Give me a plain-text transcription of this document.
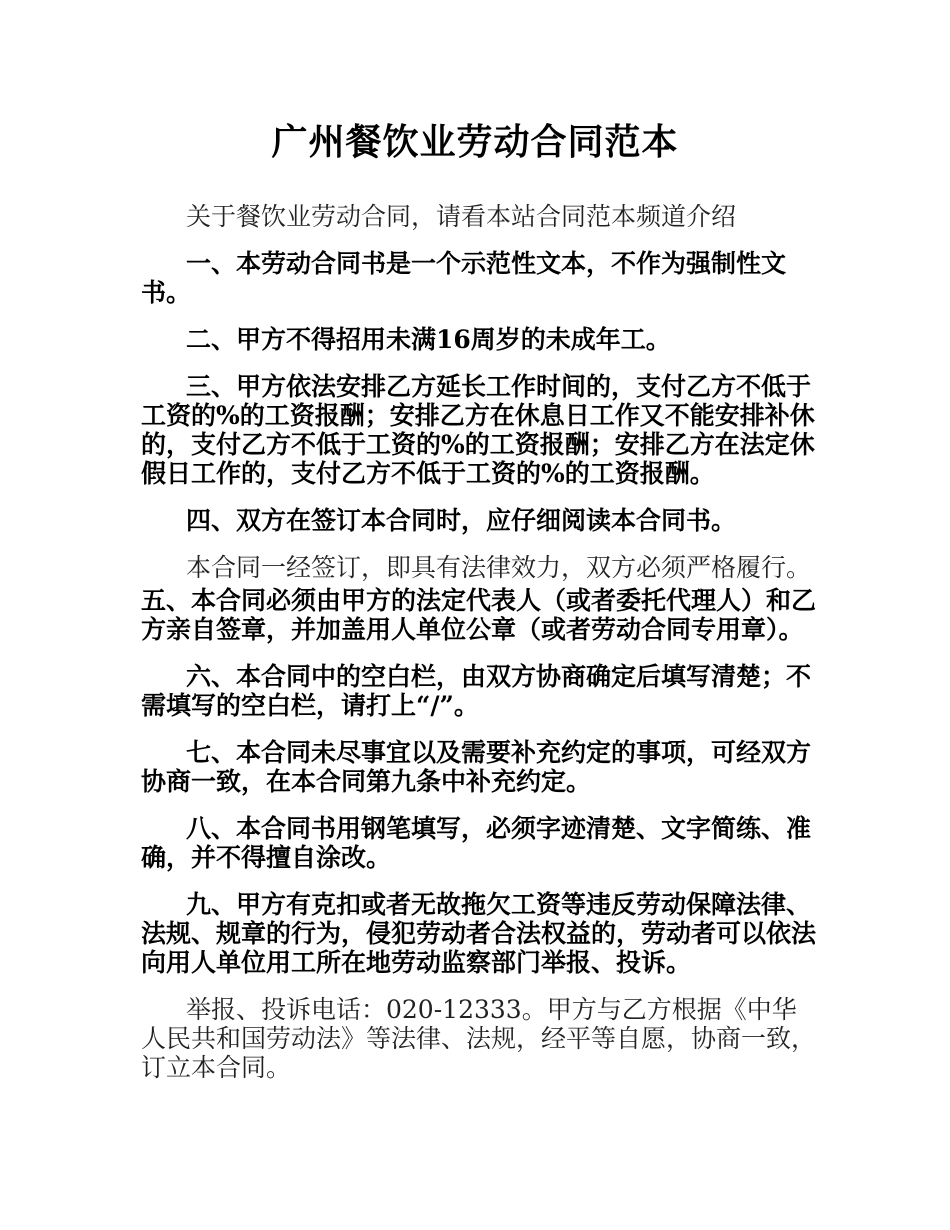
广州餐饮业劳动合同范本

关于餐饮业劳动合同，请看本站合同范本频道介绍

一、本劳动合同书是一个示范性文本，不作为强制性文书。

二、甲方不得招用未满16周岁的未成年工。

三、甲方依法安排乙方延长工作时间的，支付乙方不低于工资的%的工资报酬；安排乙方在休息日工作又不能安排补休的，支付乙方不低于工资的%的工资报酬；安排乙方在法定休假日工作的，支付乙方不低于工资的%的工资报酬。

四、双方在签订本合同时，应仔细阅读本合同书。

本合同一经签订，即具有法律效力，双方必须严格履行。

五、本合同必须由甲方的法定代表人（或者委托代理人）和乙方亲自签章，并加盖用人单位公章（或者劳动合同专用章）。

六、本合同中的空白栏，由双方协商确定后填写清楚；不需填写的空白栏，请打上“/”。

七、本合同未尽事宜以及需要补充约定的事项，可经双方协商一致，在本合同第九条中补充约定。

八、本合同书用钢笔填写，必须字迹清楚、文字简练、准确，并不得擅自涂改。

九、甲方有克扣或者无故拖欠工资等违反劳动保障法律、法规、规章的行为，侵犯劳动者合法权益的，劳动者可以依法向用人单位用工所在地劳动监察部门举报、投诉。

举报、投诉电话：020-12333。甲方与乙方根据《中华人民共和国劳动法》等法律、法规，经平等自愿，协商一致，订立本合同。
